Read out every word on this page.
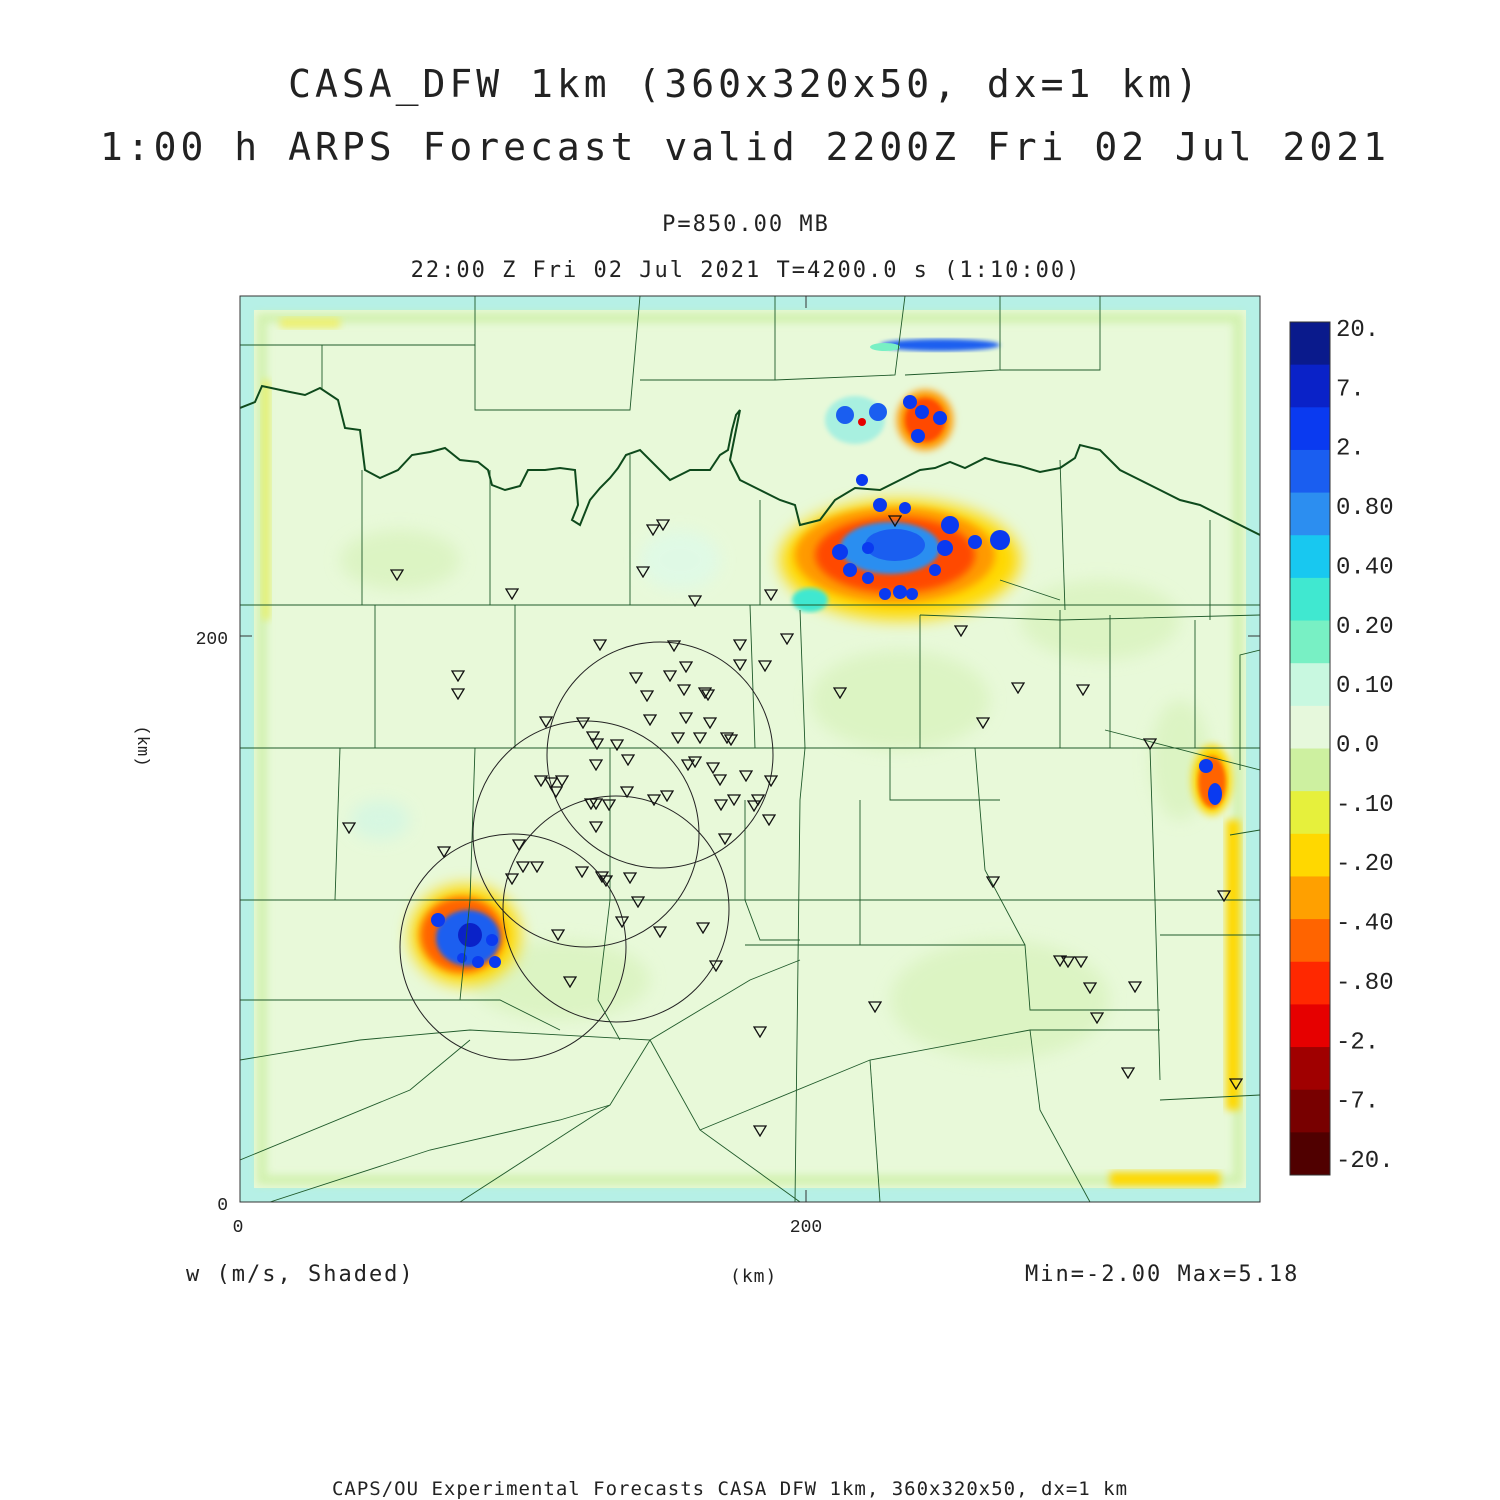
CASA_DFW 1km (360x320x50, dx=1 km)
1:00 h ARPS Forecast valid 2200Z Fri 02 Jul 2021
P=850.00 MB
22:00 Z Fri 02 Jul 2021 T=4200.0 s (1:10:00)
0
200
0	200
(km)
20.
7.
2.
0.80
0.40
0.20
0.10
0.0
-.10
-.20
-.40
-.80
-2.
-7.
-20.
w (m/s, Shaded)	(km)	Min=-2.00 Max=5.18
CAPS/OU Experimental Forecasts CASA DFW 1km, 360x320x50, dx=1 km
